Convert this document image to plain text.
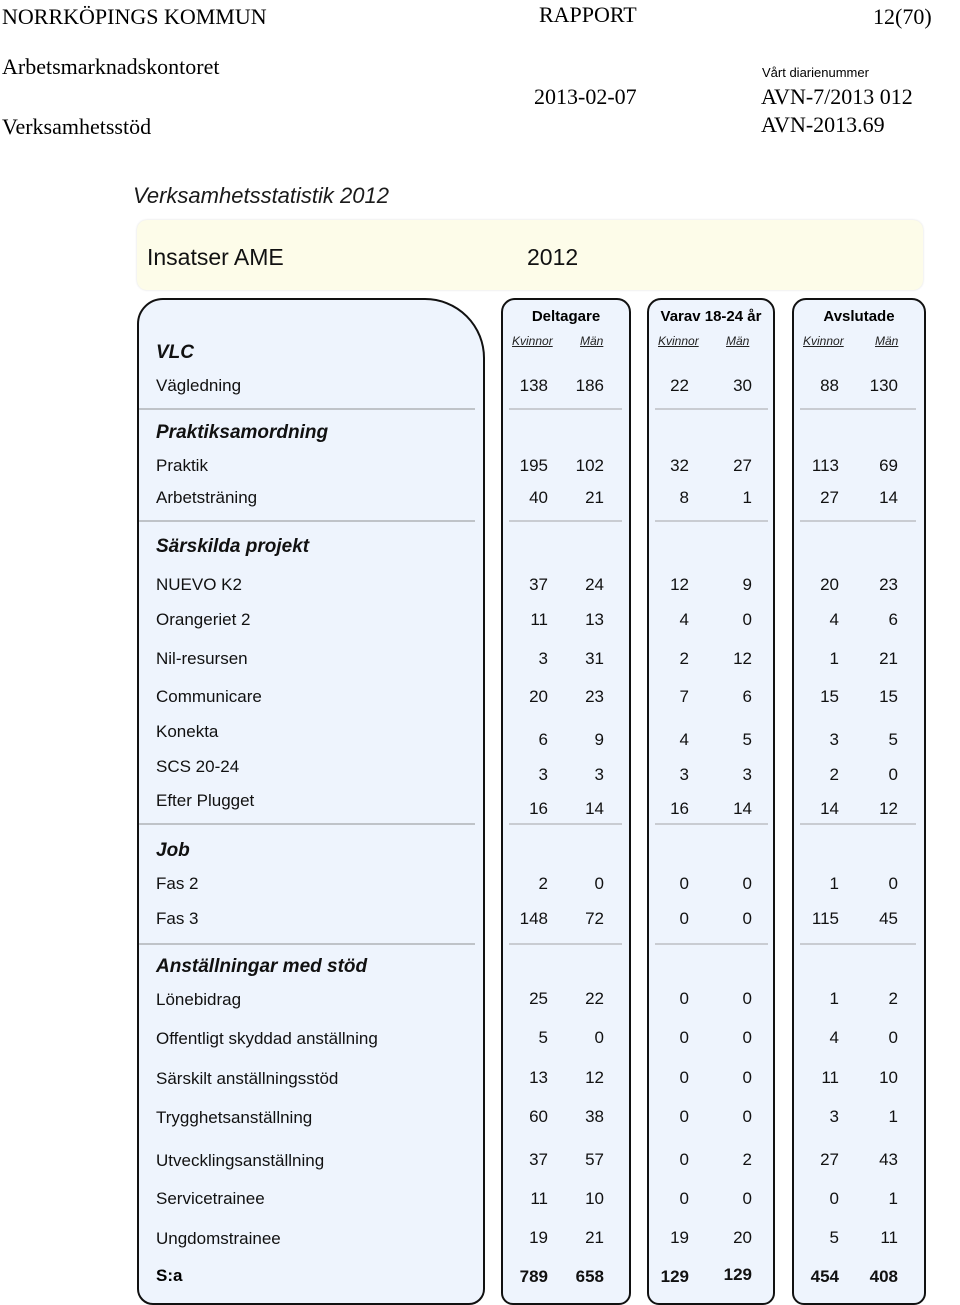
NORRKÖPINGS KOMMUN	RAPPORT	12(70)
Arbetsmarknadskontoret	Vårt diarienummer
2013-02-07	AVN-7/2013 012
Verksamhetsstöd	AVN-2013.69
Verksamhetsstatistik 2012
Insatser AME	2012
Deltagare
Kvinnor Män
Varav 18-24 år
Kvinnor Män
Avslutade
Kvinnor	Män
VLC
Vägledning	138	186	22	30	88	130
Praktiksamordning
Praktik	195	102	32	27	113	69
Arbetsträning	40	21	8	1	27	14
Särskilda projekt
NUEVO K2	37	24	12	9	20	23
Orangeriet 2	11	13	4	0	4	6
Nil-resursen	3	31	2	12	1	21
Communicare	20	23	7	6	15	15
Konekta	6	9	4	5	3	5
SCS 20-24	3	3	3	3	2	0
Efter Plugget	16	14	16	14	14	12
Job
Fas 2	2	0	0	0	1	0
Fas 3	148	72	0	0	115	45
Anställningar med stöd
Lönebidrag	25	22	0	0	1	2
Offentligt skyddad anställning	5	0	0	0	4	0
Särskilt anställningsstöd	13	12	0	0	11	10
Trygghetsanställning	60	38	0	0	3	1
Utvecklingsanställning	37	57	0	2	27	43
Servicetrainee	11	10	0	0	0	1
Ungdomstrainee	19	21	19	20	5	11
S:a	789	658	129	129	454	408
